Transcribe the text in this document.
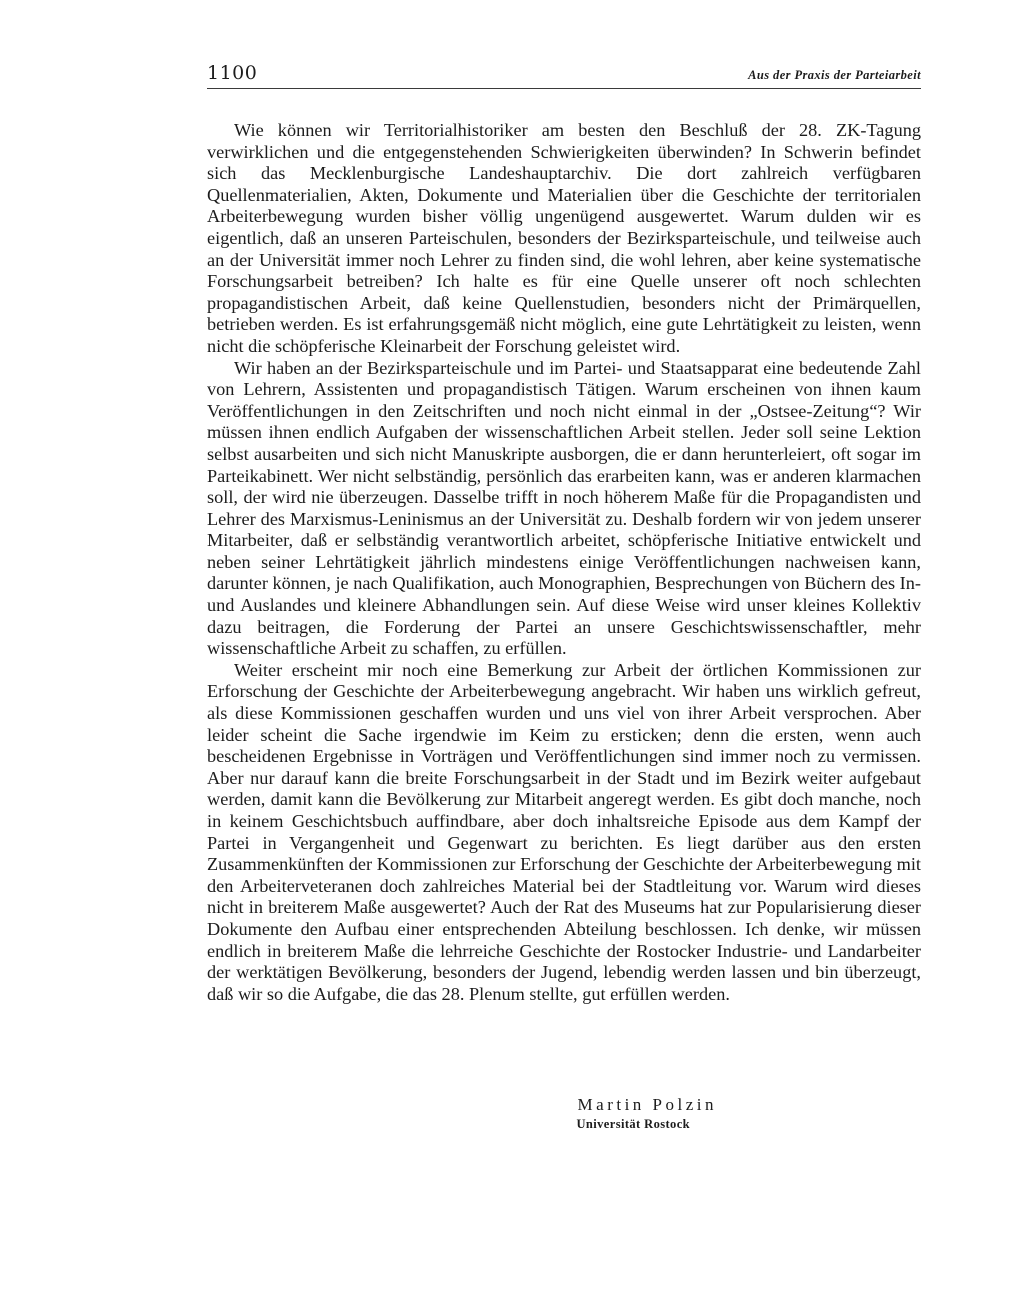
1100	Aus der Praxis der Parteiarbeit

Wie können wir Territorialhistoriker am besten den Beschluß der 28. ZK-Tagung verwirklichen und die entgegenstehenden Schwierigkeiten überwinden? In Schwerin befindet sich das Mecklenburgische Landeshauptarchiv. Die dort zahlreich verfügbaren Quellenmaterialien, Akten, Dokumente und Materialien über die Geschichte der territorialen Arbeiterbewegung wurden bisher völlig ungenügend ausgewertet. Warum dulden wir es eigentlich, daß an unseren Parteischulen, besonders der Bezirksparteischule, und teilweise auch an der Universität immer noch Lehrer zu finden sind, die wohl lehren, aber keine systematische Forschungsarbeit betreiben? Ich halte es für eine Quelle unserer oft noch schlechten propagandistischen Arbeit, daß keine Quellenstudien, besonders nicht der Primärquellen, betrieben werden. Es ist erfahrungsgemäß nicht möglich, eine gute Lehrtätigkeit zu leisten, wenn nicht die schöpferische Kleinarbeit der Forschung geleistet wird.

Wir haben an der Bezirksparteischule und im Partei- und Staatsapparat eine bedeutende Zahl von Lehrern, Assistenten und propagandistisch Tätigen. Warum erscheinen von ihnen kaum Veröffentlichungen in den Zeitschriften und noch nicht einmal in der „Ostsee-Zeitung“? Wir müssen ihnen endlich Aufgaben der wissenschaftlichen Arbeit stellen. Jeder soll seine Lektion selbst ausarbeiten und sich nicht Manuskripte ausborgen, die er dann herunterleiert, oft sogar im Parteikabinett. Wer nicht selbständig, persönlich das erarbeiten kann, was er anderen klarmachen soll, der wird nie überzeugen. Dasselbe trifft in noch höherem Maße für die Propagandisten und Lehrer des Marxismus-Leninismus an der Universität zu. Deshalb fordern wir von jedem unserer Mitarbeiter, daß er selbständig verantwortlich arbeitet, schöpferische Initiative entwickelt und neben seiner Lehrtätigkeit jährlich mindestens einige Veröffentlichungen nachweisen kann, darunter können, je nach Qualifikation, auch Monographien, Besprechungen von Büchern des In- und Auslandes und kleinere Abhandlungen sein. Auf diese Weise wird unser kleines Kollektiv dazu beitragen, die Forderung der Partei an unsere Geschichtswissenschaftler, mehr wissenschaftliche Arbeit zu schaffen, zu erfüllen.

Weiter erscheint mir noch eine Bemerkung zur Arbeit der örtlichen Kommissionen zur Erforschung der Geschichte der Arbeiterbewegung angebracht. Wir haben uns wirklich gefreut, als diese Kommissionen geschaffen wurden und uns viel von ihrer Arbeit versprochen. Aber leider scheint die Sache irgendwie im Keim zu ersticken; denn die ersten, wenn auch bescheidenen Ergebnisse in Vorträgen und Veröffentlichungen sind immer noch zu vermissen. Aber nur darauf kann die breite Forschungsarbeit in der Stadt und im Bezirk weiter aufgebaut werden, damit kann die Bevölkerung zur Mitarbeit angeregt werden. Es gibt doch manche, noch in keinem Geschichtsbuch auffindbare, aber doch inhaltsreiche Episode aus dem Kampf der Partei in Vergangenheit und Gegenwart zu berichten. Es liegt darüber aus den ersten Zusammenkünften der Kommissionen zur Erforschung der Geschichte der Arbeiterbewegung mit den Arbeiterveteranen doch zahlreiches Material bei der Stadtleitung vor. Warum wird dieses nicht in breiterem Maße ausgewertet? Auch der Rat des Museums hat zur Popularisierung dieser Dokumente den Aufbau einer entsprechenden Abteilung beschlossen. Ich denke, wir müssen endlich in breiterem Maße die lehrreiche Geschichte der Rostocker Industrie- und Landarbeiter der werktätigen Bevölkerung, besonders der Jugend, lebendig werden lassen und bin überzeugt, daß wir so die Aufgabe, die das 28. Plenum stellte, gut erfüllen werden.

Martin Polzin
Universität Rostock
